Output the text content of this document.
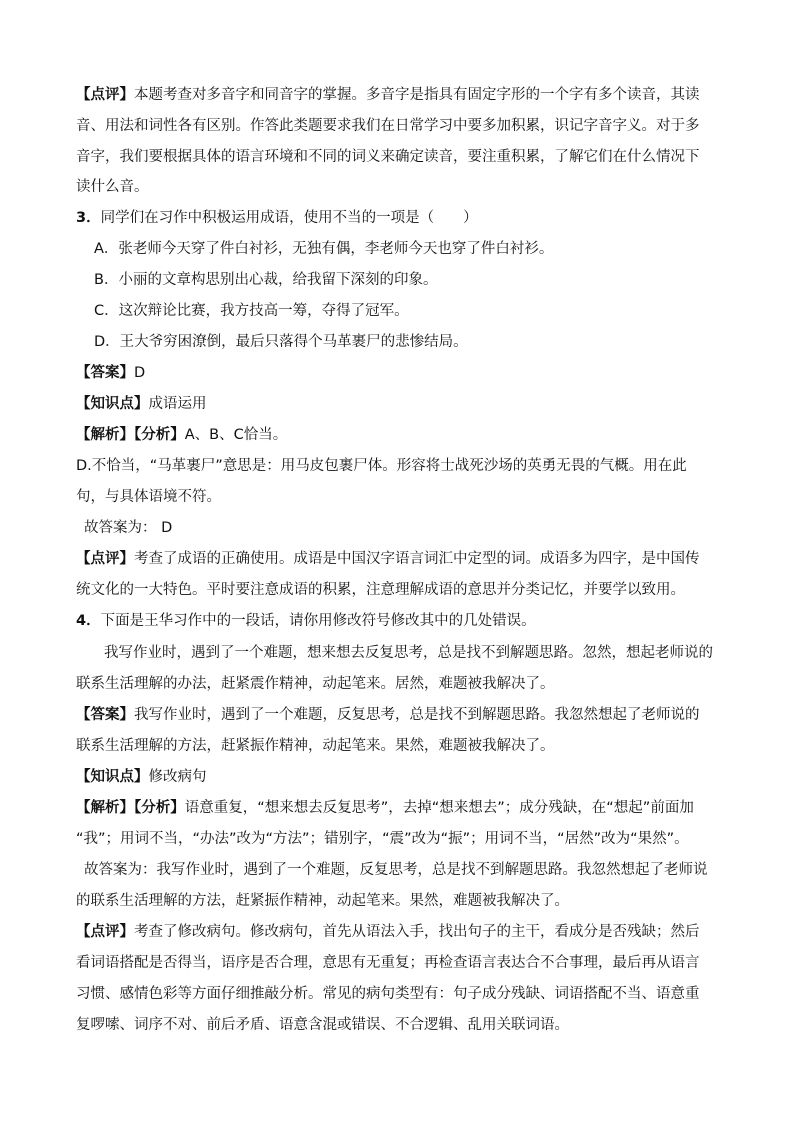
【点评】本题考查对多音字和同音字的掌握。多音字是指具有固定字形的一个字有多个读音，其读
音、用法和词性各有区别。作答此类题要求我们在日常学习中要多加积累，识记字音字义。对于多
音字，我们要根据具体的语言环境和不同的词义来确定读音，要注重积累，了解它们在什么情况下
读什么音。
3．同学们在习作中积极运用成语，使用不当的一项是（　　）
A．张老师今天穿了件白衬衫，无独有偶，李老师今天也穿了件白衬衫。
B．小丽的文章构思别出心裁，给我留下深刻的印象。
C．这次辩论比赛，我方技高一筹，夺得了冠军。
D．王大爷穷困潦倒，最后只落得个马革裹尸的悲惨结局。
【答案】D
【知识点】成语运用
【解析】【分析】A、B、C恰当。
D.不恰当，“马革裹尸”意思是：用马皮包裹尸体。形容将士战死沙场的英勇无畏的气概。用在此
句，与具体语境不符。
故答案为： D
【点评】考查了成语的正确使用。成语是中国汉字语言词汇中定型的词。成语多为四字，是中国传
统文化的一大特色。平时要注意成语的积累，注意理解成语的意思并分类记忆，并要学以致用。
4．下面是王华习作中的一段话，请你用修改符号修改其中的几处错误。
我写作业时，遇到了一个难题，想来想去反复思考，总是找不到解题思路。忽然，想起老师说的
联系生活理解的办法，赶紧震作精神，动起笔来。居然，难题被我解决了。
【答案】我写作业时，遇到了一个难题，反复思考，总是找不到解题思路。我忽然想起了老师说的
联系生活理解的方法，赶紧振作精神，动起笔来。果然，难题被我解决了。
【知识点】修改病句
【解析】【分析】语意重复，“想来想去反复思考”，去掉“想来想去”；成分残缺，在“想起”前面加
“我”；用词不当，“办法”改为“方法”；错别字，“震”改为“振”；用词不当，“居然”改为“果然”。
故答案为：我写作业时，遇到了一个难题，反复思考，总是找不到解题思路。我忽然想起了老师说
的联系生活理解的方法，赶紧振作精神，动起笔来。果然，难题被我解决了。
【点评】考查了修改病句。修改病句，首先从语法入手，找出句子的主干，看成分是否残缺；然后
看词语搭配是否得当，语序是否合理，意思有无重复；再检查语言表达合不合事理，最后再从语言
习惯、感情色彩等方面仔细推敲分析。常见的病句类型有：句子成分残缺、词语搭配不当、语意重
复啰嗦、词序不对、前后矛盾、语意含混或错误、不合逻辑、乱用关联词语。
